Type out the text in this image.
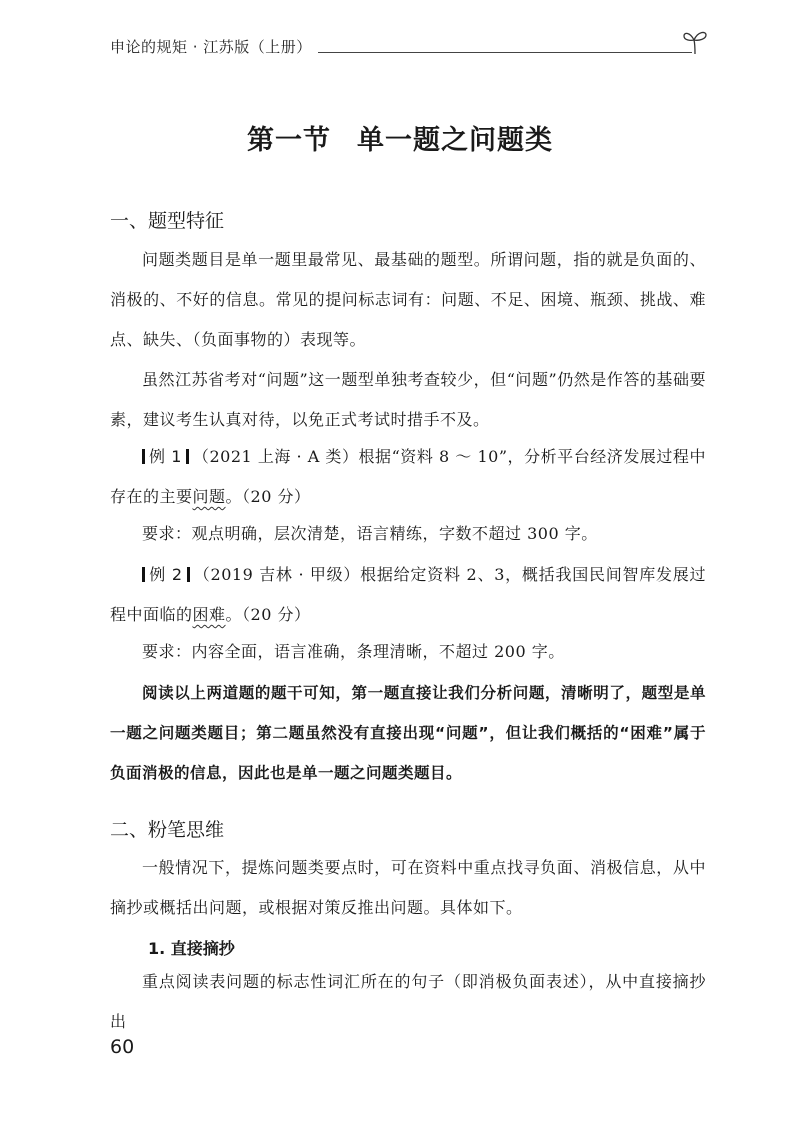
申论的规矩 · 江苏版（上册）
第一节 单一题之问题类
一、题型特征
问题类题目是单一题里最常见、最基础的题型。所谓问题，指的就是负面的、消极的、不好的信息。常见的提问标志词有：问题、不足、困境、瓶颈、挑战、难点、缺失、（负面事物的）表现等。
虽然江苏省考对“问题”这一题型单独考查较少，但“问题”仍然是作答的基础要素，建议考生认真对待，以免正式考试时措手不及。
例 1 （2021 上海 · A 类）根据“资料 8 ～ 10”，分析平台经济发展过程中存在的主要问题。（20 分）
要求：观点明确，层次清楚，语言精练，字数不超过 300 字。
例 2 （2019 吉林 · 甲级）根据给定资料 2、3，概括我国民间智库发展过程中面临的困难。（20 分）
要求：内容全面，语言准确，条理清晰，不超过 200 字。
阅读以上两道题的题干可知，第一题直接让我们分析问题，清晰明了，题型是单一题之问题类题目；第二题虽然没有直接出现“问题”，但让我们概括的“困难”属于负面消极的信息，因此也是单一题之问题类题目。
二、粉笔思维
一般情况下，提炼问题类要点时，可在资料中重点找寻负面、消极信息，从中摘抄或概括出问题，或根据对策反推出问题。具体如下。
1. 直接摘抄
重点阅读表问题的标志性词汇所在的句子（即消极负面表述），从中直接摘抄出
60
